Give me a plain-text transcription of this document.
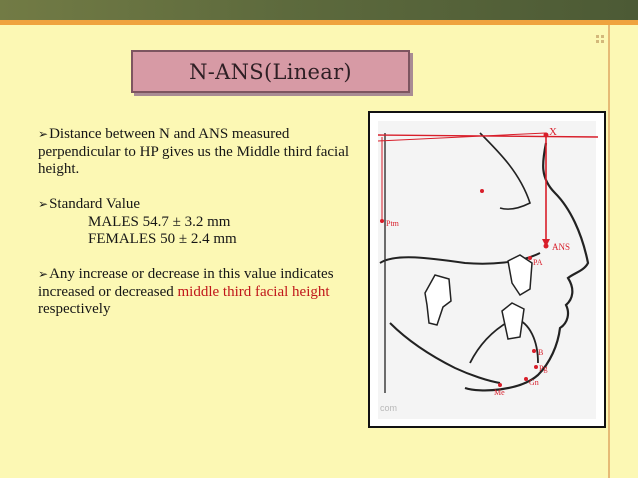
N-ANS(Linear)

➢Distance between N and ANS measured perpendicular to HP gives us the Middle third facial height.

➢Standard Value

MALES 54.7 ± 3.2 mm

FEMALES 50 ± 2.4 mm

➢Any increase or decrease in this value indicates increased or decreased middle third facial height respectively

X
Ptm
ANS
PA
B
Pg
Gn
Me
com
